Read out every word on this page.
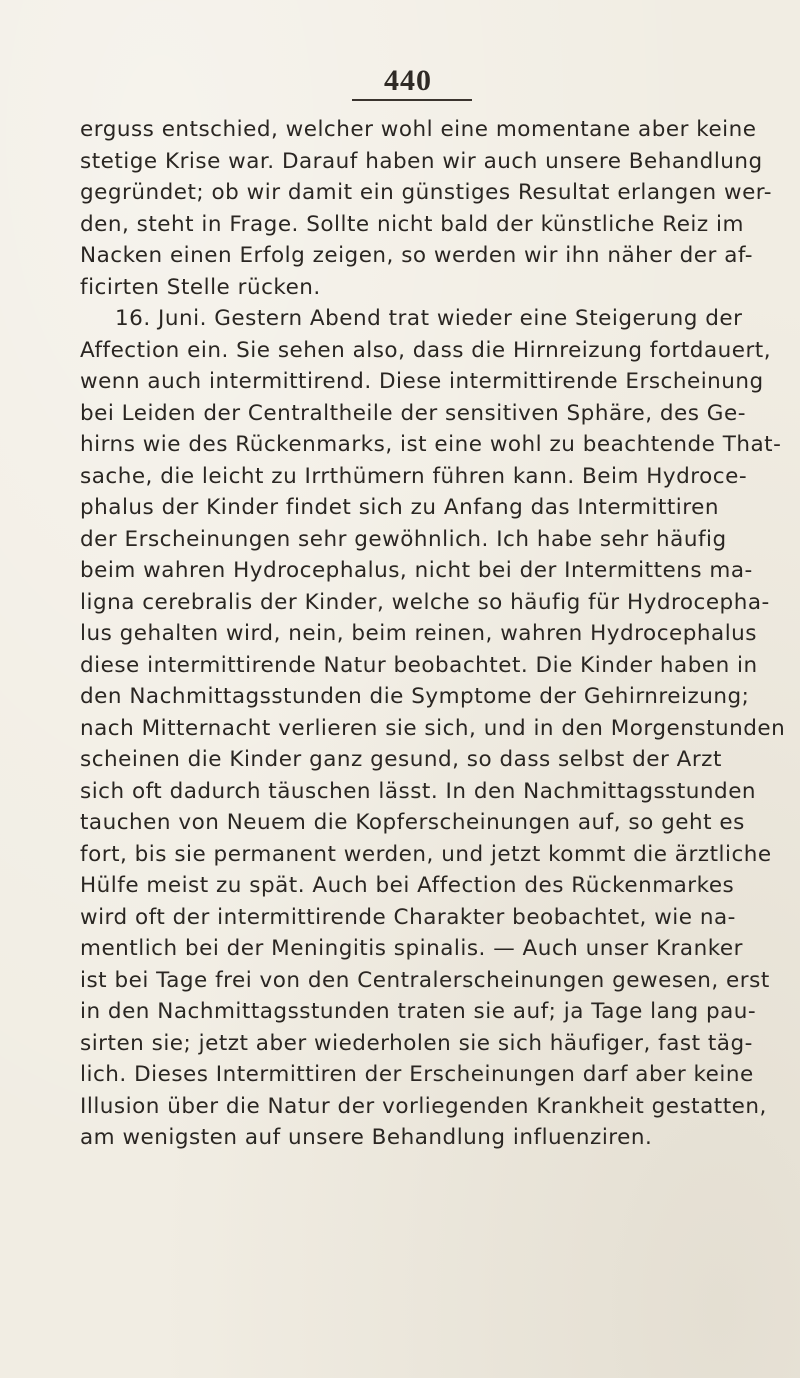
440
erguss entschied, welcher wohl eine momentane aber keine
stetige Krise war. Darauf haben wir auch unsere Behandlung
gegründet; ob wir damit ein günstiges Resultat erlangen wer-
den, steht in Frage. Sollte nicht bald der künstliche Reiz im
Nacken einen Erfolg zeigen, so werden wir ihn näher der af-
ficirten Stelle rücken.
16. Juni. Gestern Abend trat wieder eine Steigerung der
Affection ein. Sie sehen also, dass die Hirnreizung fortdauert,
wenn auch intermittirend. Diese intermittirende Erscheinung
bei Leiden der Centraltheile der sensitiven Sphäre, des Ge-
hirns wie des Rückenmarks, ist eine wohl zu beachtende That-
sache, die leicht zu Irrthümern führen kann. Beim Hydroce-
phalus der Kinder findet sich zu Anfang das Intermittiren
der Erscheinungen sehr gewöhnlich. Ich habe sehr häufig
beim wahren Hydrocephalus, nicht bei der Intermittens ma-
ligna cerebralis der Kinder, welche so häufig für Hydrocepha-
lus gehalten wird, nein, beim reinen, wahren Hydrocephalus
diese intermittirende Natur beobachtet. Die Kinder haben in
den Nachmittagsstunden die Symptome der Gehirnreizung;
nach Mitternacht verlieren sie sich, und in den Morgenstunden
scheinen die Kinder ganz gesund, so dass selbst der Arzt
sich oft dadurch täuschen lässt. In den Nachmittagsstunden
tauchen von Neuem die Kopferscheinungen auf, so geht es
fort, bis sie permanent werden, und jetzt kommt die ärztliche
Hülfe meist zu spät. Auch bei Affection des Rückenmarkes
wird oft der intermittirende Charakter beobachtet, wie na-
mentlich bei der Meningitis spinalis. — Auch unser Kranker
ist bei Tage frei von den Centralerscheinungen gewesen, erst
in den Nachmittagsstunden traten sie auf; ja Tage lang pau-
sirten sie; jetzt aber wiederholen sie sich häufiger, fast täg-
lich. Dieses Intermittiren der Erscheinungen darf aber keine
Illusion über die Natur der vorliegenden Krankheit gestatten,
am wenigsten auf unsere Behandlung influenziren.
